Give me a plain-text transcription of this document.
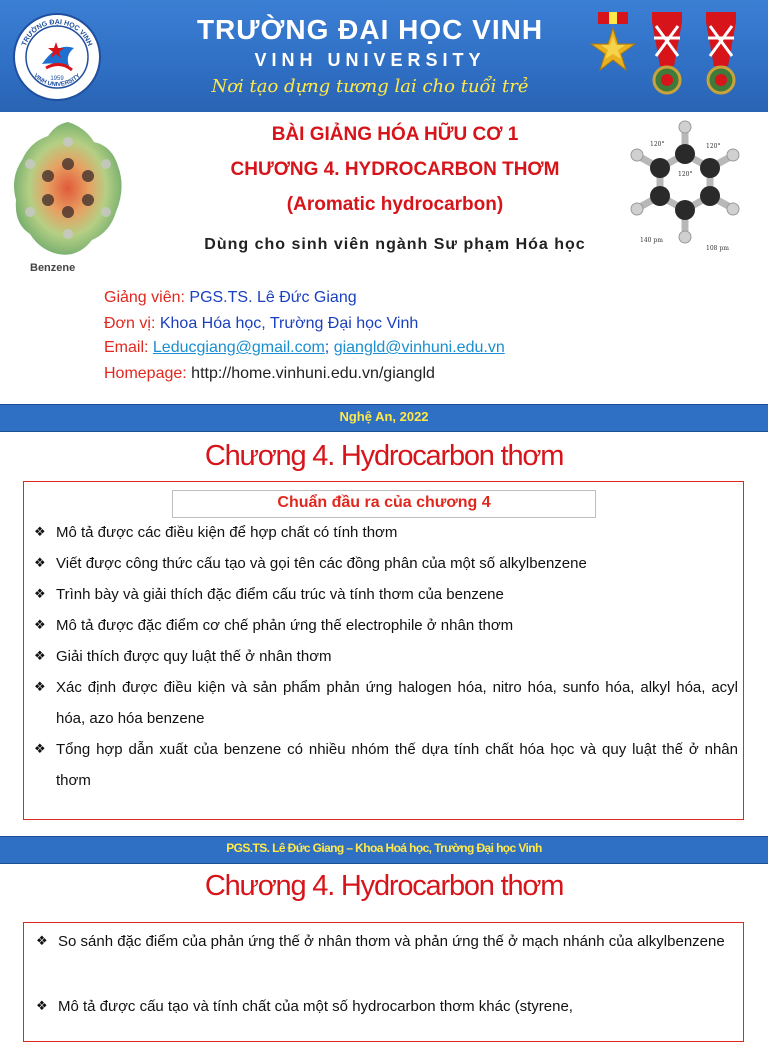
TRƯỜNG ĐẠI HỌC VINH
VINH UNIVERSITY
1959
TRƯỜNG ĐẠI HỌC VINH
VINH UNIVERSITY
Nơi tạo dựng tương lai cho tuổi trẻ
Benzene
120°	120°
120°
140 pm
108 pm
BÀI GIẢNG HÓA HỮU CƠ 1
CHƯƠNG 4. HYDROCARBON THƠM
(Aromatic hydrocarbon)
Dùng cho sinh viên ngành Sư phạm Hóa học
Giảng viên: PGS.TS. Lê Đức Giang
Đơn vị: Khoa Hóa học, Trường Đại học Vinh
Email: Leducgiang@gmail.com; giangld@vinhuni.edu.vn
Homepage: http://home.vinhuni.edu.vn/giangld
Nghệ An, 2022
Chương 4. Hydrocarbon thơm
Chuẩn đầu ra của chương 4
❖ Mô tả được các điều kiện để hợp chất có tính thơm
❖ Viết được công thức cấu tạo và gọi tên các đồng phân của một số alkylbenzene
❖ Trình bày và giải thích đặc điểm cấu trúc và tính thơm của benzene
❖ Mô tả được đặc điểm cơ chế phản ứng thế electrophile ở nhân thơm
❖ Giải thích được quy luật thế ở nhân thơm
❖ Xác định được điều kiện và sản phẩm phản ứng halogen hóa, nitro hóa, sunfo hóa, alkyl hóa, acyl hóa, azo hóa benzene
❖ Tổng hợp dẫn xuất của benzene có nhiều nhóm thế dựa tính chất hóa học và quy luật thế ở nhân thơm
PGS.TS. Lê Đức Giang – Khoa Hoá học, Trường Đại học Vinh
Chương 4. Hydrocarbon thơm
❖ So sánh đặc điểm của phản ứng thế ở nhân thơm và phản ứng thế ở mạch nhánh của alkylbenzene
❖ Mô tả được cấu tạo và tính chất của một số hydrocarbon thơm khác (styrene,
